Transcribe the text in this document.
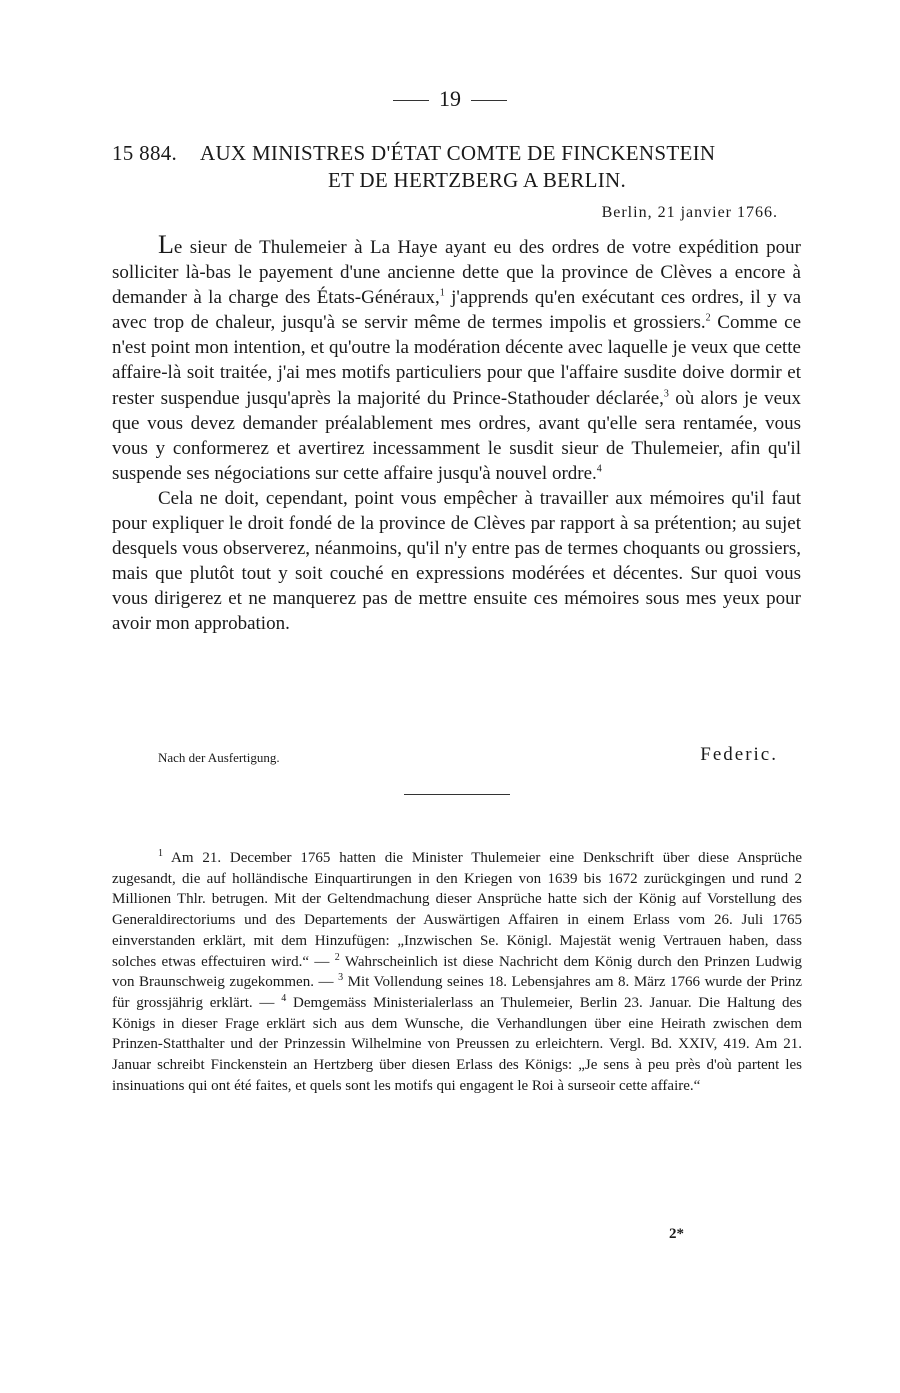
19
15 884. AUX MINISTRES D'ÉTAT COMTE DE FINCKENSTEIN
ET DE HERTZBERG A BERLIN.
Berlin, 21 janvier 1766.

Le sieur de Thulemeier à La Haye ayant eu des ordres de votre expédition pour solliciter là-bas le payement d'une ancienne dette que la province de Clèves a encore à demander à la charge des États-Généraux,$^1$ j'apprends qu'en exécutant ces ordres, il y va avec trop de chaleur, jusqu'à se servir même de termes impolis et grossiers.$^2$ Comme ce n'est point mon intention, et qu'outre la modération décente avec laquelle je veux que cette affaire-là soit traitée, j'ai mes motifs particuliers pour que l'affaire susdite doive dormir et rester suspendue jusqu'après la majorité du Prince-Stathouder déclarée,$^3$ où alors je veux que vous devez demander préalablement mes ordres, avant qu'elle sera rentamée, vous vous y conformerez et avertirez incessamment le susdit sieur de Thulemeier, afin qu'il suspende ses négociations sur cette affaire jusqu'à nouvel ordre.$^4$

Cela ne doit, cependant, point vous empêcher à travailler aux mémoires qu'il faut pour expliquer le droit fondé de la province de Clèves par rapport à sa prétention; au sujet desquels vous observerez, néanmoins, qu'il n'y entre pas de termes choquants ou grossiers, mais que plutôt tout y soit couché en expressions modérées et décentes. Sur quoi vous vous dirigerez et ne manquerez pas de mettre ensuite ces mémoires sous mes yeux pour avoir mon approbation.

Nach der Ausfertigung.	Federic.

$^1$ Am 21. December 1765 hatten die Minister Thulemeier eine Denkschrift über diese Ansprüche zugesandt, die auf holländische Einquartirungen in den Kriegen von 1639 bis 1672 zurückgingen und rund 2 Millionen Thlr. betrugen. Mit der Geltendmachung dieser Ansprüche hatte sich der König auf Vorstellung des Generaldirectoriums und des Departements der Auswärtigen Affairen in einem Erlass vom 26. Juli 1765 einverstanden erklärt, mit dem Hinzufügen: „Inzwischen Se. Königl. Majestät wenig Vertrauen haben, dass solches etwas effectuiren wird.“ — $^2$ Wahrscheinlich ist diese Nachricht dem König durch den Prinzen Ludwig von Braunschweig zugekommen. — $^3$ Mit Vollendung seines 18. Lebensjahres am 8. März 1766 wurde der Prinz für grossjährig erklärt. — $^4$ Demgemäss Ministerialerlass an Thulemeier, Berlin 23. Januar. Die Haltung des Königs in dieser Frage erklärt sich aus dem Wunsche, die Verhandlungen über eine Heirath zwischen dem Prinzen-Statthalter und der Prinzessin Wilhelmine von Preussen zu erleichtern. Vergl. Bd. XXIV, 419. Am 21. Januar schreibt Finckenstein an Hertzberg über diesen Erlass des Königs: „Je sens à peu près d'où partent les insinuations qui ont été faites, et quels sont les motifs qui engagent le Roi à surseoir cette affaire.“

2*
